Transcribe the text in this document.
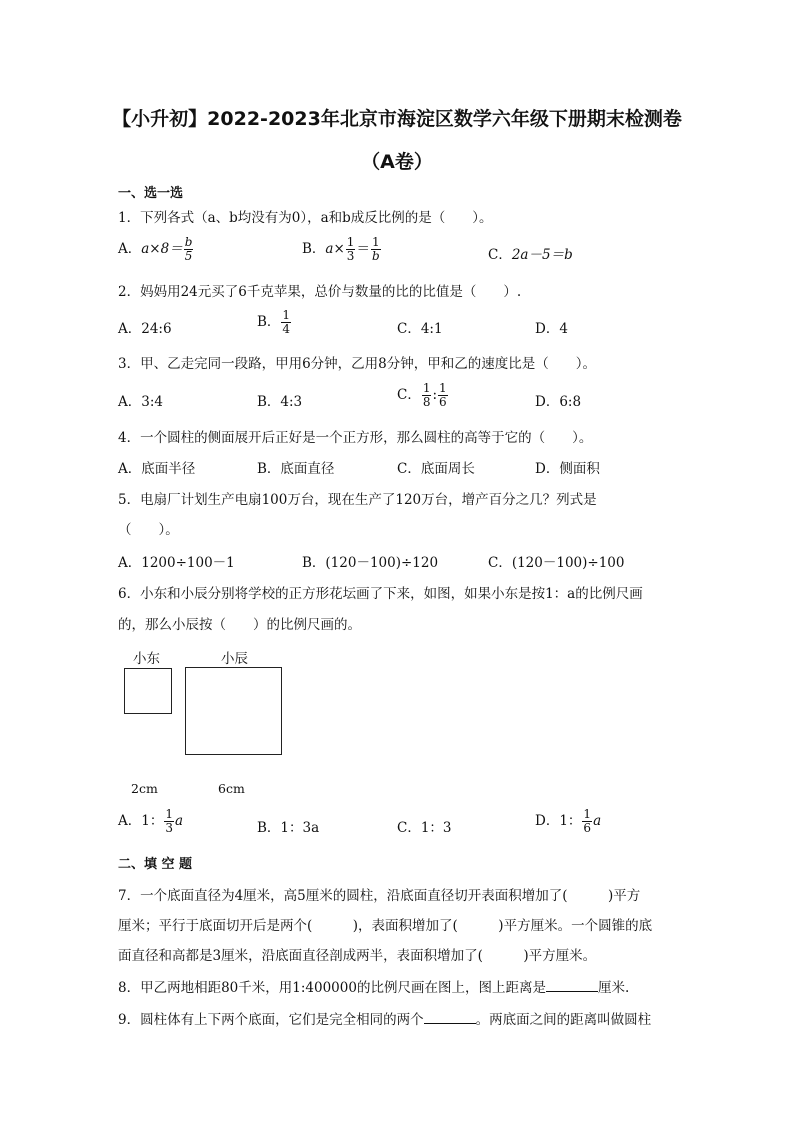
【小升初】2022-2023年北京市海淀区数学六年级下册期末检测卷
（A卷）
一、选一选
1．下列各式（a、b均没有为0），a和b成反比例的是（　　）。
A．$a\times 8= \frac{b}{5}$	B．$a\times \frac{1}{3} = \frac{1}{b}$	C．2a－5＝b
2．妈妈用24元买了6千克苹果，总价与数量的比的比值是（　　）.
A．24:6	B． $\frac{1}{4}$	C．4:1	D．4
3．甲、乙走完同一段路，甲用6分钟，乙用8分钟，甲和乙的速度比是（　　）。
A．3:4	B．4:3	C． $\frac{1}{8}$ : $\frac{1}{6}$	D．6:8
4．一个圆柱的侧面展开后正好是一个正方形，那么圆柱的高等于它的（　　）。
A．底面半径	B．底面直径	C．底面周长	D．侧面积
5．电扇厂计划生产电扇100万台，现在生产了120万台，增产百分之几？列式是
（　　）。
A．1200÷100－1	B．(120－100)÷120	C．(120－100)÷100
6．小东和小辰分别将学校的正方形花坛画了下来，如图，如果小东是按1：a的比例尺画
的，那么小辰按（　　）的比例尺画的。
小东	小辰
2cm	6cm
A．1： $\frac{1}{3}$ a	B．1：3a	C．1：3	D．1： $\frac{1}{6}$ a
二、填 空 题
7．一个底面直径为4厘米，高5厘米的圆柱，沿底面直径切开表面积增加了(　　　)平方
厘米；平行于底面切开后是两个(　　　)，表面积增加了(　　　)平方厘米。一个圆锥的底
面直径和高都是3厘米，沿底面直径剖成两半，表面积增加了(　　　)平方厘米。
8．甲乙两地相距80千米，用1:400000的比例尺画在图上，图上距离是	厘米.
9．圆柱体有上下两个底面，它们是完全相同的两个	。两底面之间的距离叫做圆柱
